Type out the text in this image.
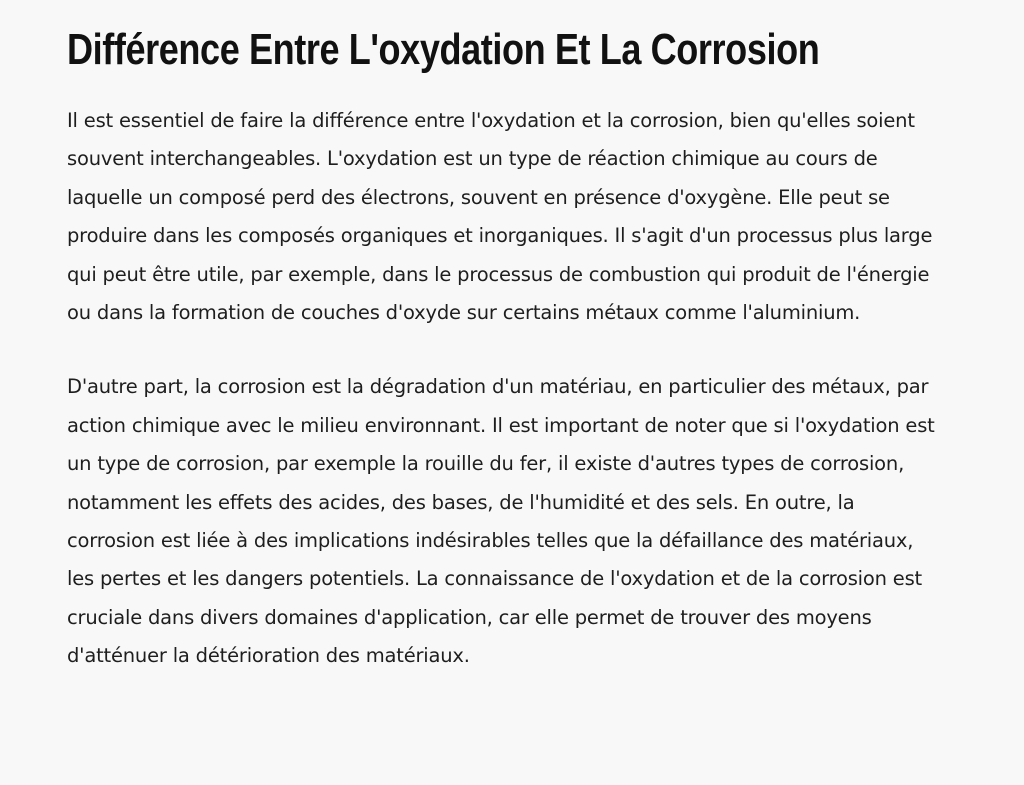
Différence Entre L'oxydation Et La Corrosion

Il est essentiel de faire la différence entre l'oxydation et la corrosion, bien qu'elles soient souvent interchangeables. L'oxydation est un type de réaction chimique au cours de laquelle un composé perd des électrons, souvent en présence d'oxygène. Elle peut se produire dans les composés organiques et inorganiques. Il s'agit d'un processus plus large qui peut être utile, par exemple, dans le processus de combustion qui produit de l'énergie ou dans la formation de couches d'oxyde sur certains métaux comme l'aluminium.

D'autre part, la corrosion est la dégradation d'un matériau, en particulier des métaux, par action chimique avec le milieu environnant. Il est important de noter que si l'oxydation est un type de corrosion, par exemple la rouille du fer, il existe d'autres types de corrosion, notamment les effets des acides, des bases, de l'humidité et des sels. En outre, la corrosion est liée à des implications indésirables telles que la défaillance des matériaux, les pertes et les dangers potentiels. La connaissance de l'oxydation et de la corrosion est cruciale dans divers domaines d'application, car elle permet de trouver des moyens d'atténuer la détérioration des matériaux.
